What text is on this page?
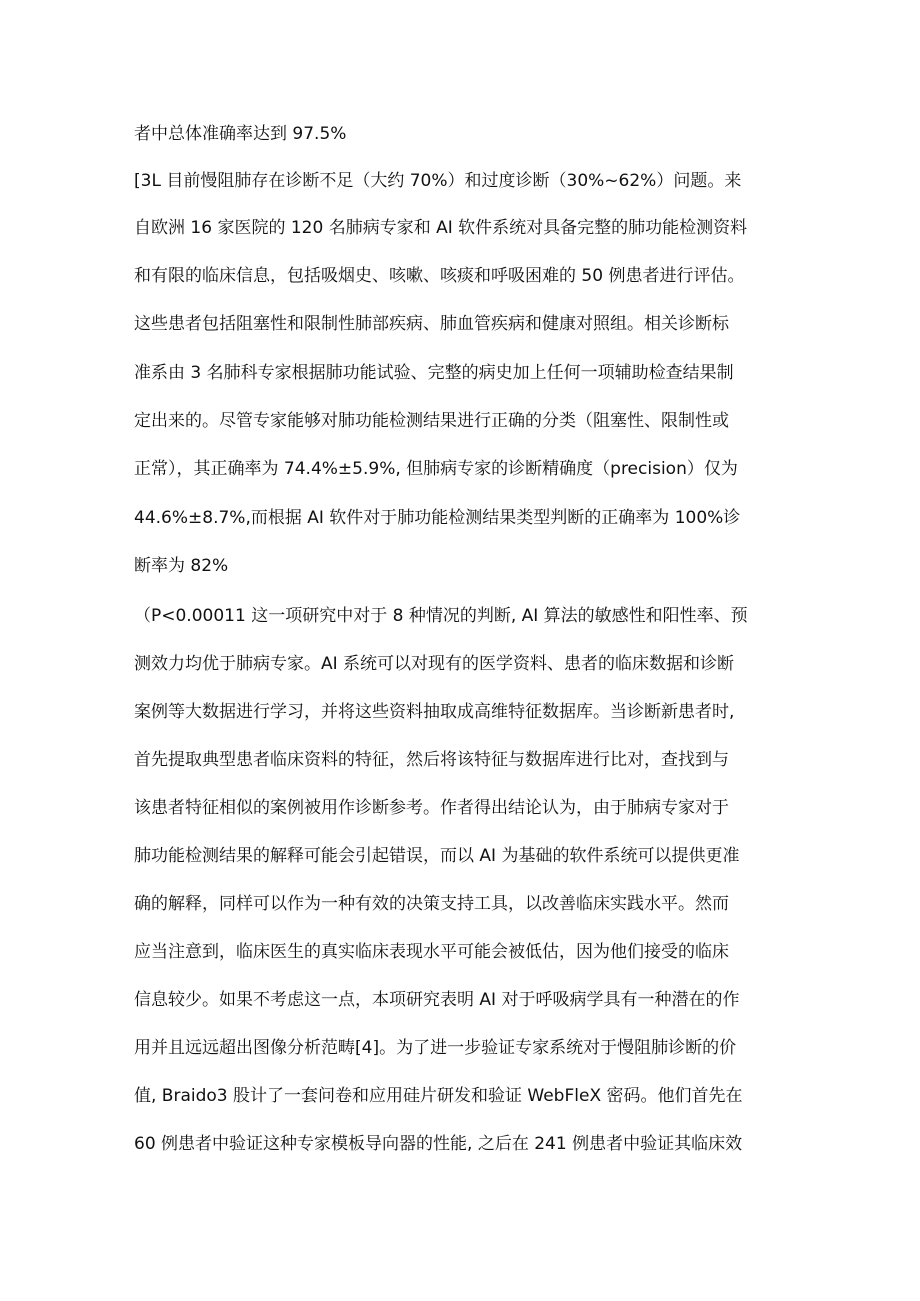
者中总体准确率达到 97.5%
[3L 目前慢阻肺存在诊断不足（大约 70%）和过度诊断（30%~62%）问题。来
自欧洲 16 家医院的 120 名肺病专家和 AI 软件系统对具备完整的肺功能检测资料
和有限的临床信息，包括吸烟史、咳嗽、咳痰和呼吸困难的 50 例患者进行评估。
这些患者包括阻塞性和限制性肺部疾病、肺血管疾病和健康对照组。相关诊断标
准系由 3 名肺科专家根据肺功能试验、完整的病史加上任何一项辅助检查结果制
定出来的。尽管专家能够对肺功能检测结果进行正确的分类（阻塞性、限制性或
正常），其正确率为 74.4%±5.9%, 但肺病专家的诊断精确度（precision）仅为
44.6%±8.7%,而根据 AI 软件对于肺功能检测结果类型判断的正确率为 100%诊
断率为 82%
（P<0.00011 这一项研究中对于 8 种情况的判断, AI 算法的敏感性和阳性率、预
测效力均优于肺病专家。AI 系统可以对现有的医学资料、患者的临床数据和诊断
案例等大数据进行学习，并将这些资料抽取成高维特征数据库。当诊断新患者时,
首先提取典型患者临床资料的特征，然后将该特征与数据库进行比对，查找到与
该患者特征相似的案例被用作诊断参考。作者得出结论认为，由于肺病专家对于
肺功能检测结果的解释可能会引起错误，而以 AI 为基础的软件系统可以提供更准
确的解释，同样可以作为一种有效的决策支持工具，以改善临床实践水平。然而
应当注意到，临床医生的真实临床表现水平可能会被低估，因为他们接受的临床
信息较少。如果不考虑这一点，本项研究表明 AI 对于呼吸病学具有一种潜在的作
用并且远远超出图像分析范畴[4]。为了进一步验证专家系统对于慢阻肺诊断的价
值, Braido3 股计了一套问卷和应用硅片研发和验证 WebFleX 密码。他们首先在
60 例患者中验证这种专家模板导向器的性能, 之后在 241 例患者中验证其临床效
